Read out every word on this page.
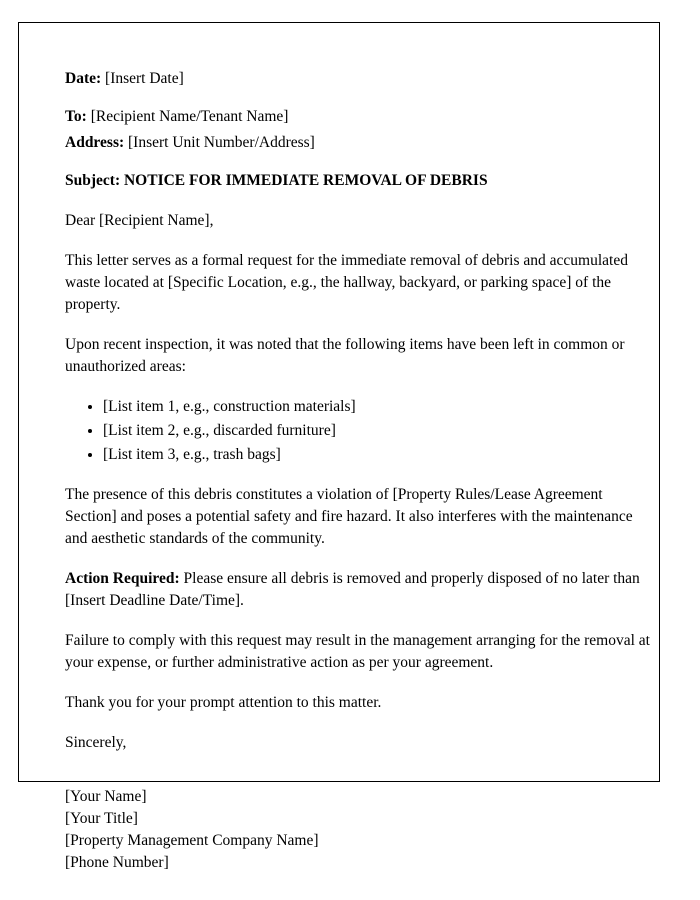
Date: [Insert Date]

To: [Recipient Name/Tenant Name]

Address: [Insert Unit Number/Address]

Subject: NOTICE FOR IMMEDIATE REMOVAL OF DEBRIS

Dear [Recipient Name],

This letter serves as a formal request for the immediate removal of debris and accumulated waste located at [Specific Location, e.g., the hallway, backyard, or parking space] of the property.

Upon recent inspection, it was noted that the following items have been left in common or unauthorized areas:

• [List item 1, e.g., construction materials]
• [List item 2, e.g., discarded furniture]
• [List item 3, e.g., trash bags]

The presence of this debris constitutes a violation of [Property Rules/Lease Agreement Section] and poses a potential safety and fire hazard. It also interferes with the maintenance and aesthetic standards of the community.

Action Required: Please ensure all debris is removed and properly disposed of no later than [Insert Deadline Date/Time].

Failure to comply with this request may result in the management arranging for the removal at your expense, or further administrative action as per your agreement.

Thank you for your prompt attention to this matter.

Sincerely,

[Your Name]

[Your Title]

[Property Management Company Name]

[Phone Number]
